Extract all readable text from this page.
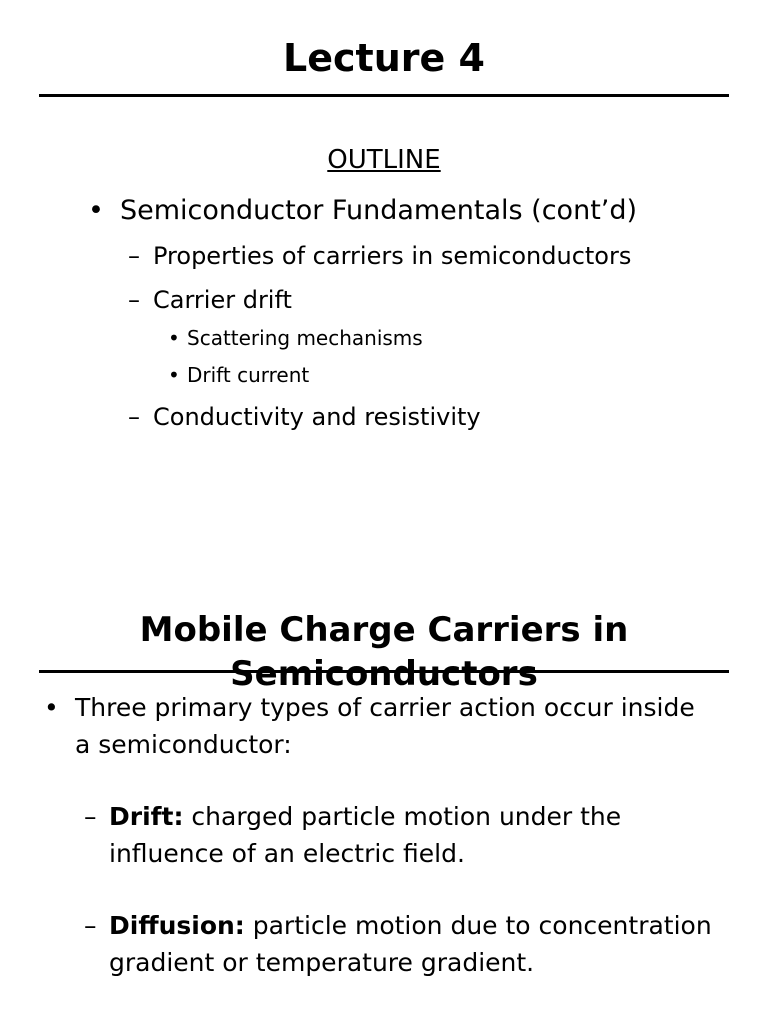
Lecture 4
OUTLINE
• Semiconductor Fundamentals (cont’d)
– Properties of carriers in semiconductors
– Carrier drift
• Scattering mechanisms
• Drift current
– Conductivity and resistivity
Mobile Charge Carriers in Semiconductors
• Three primary types of carrier action occur inside a semiconductor:
– Drift: charged particle motion under the influence of an electric field.
– Diffusion: particle motion due to concentration gradient or temperature gradient.
